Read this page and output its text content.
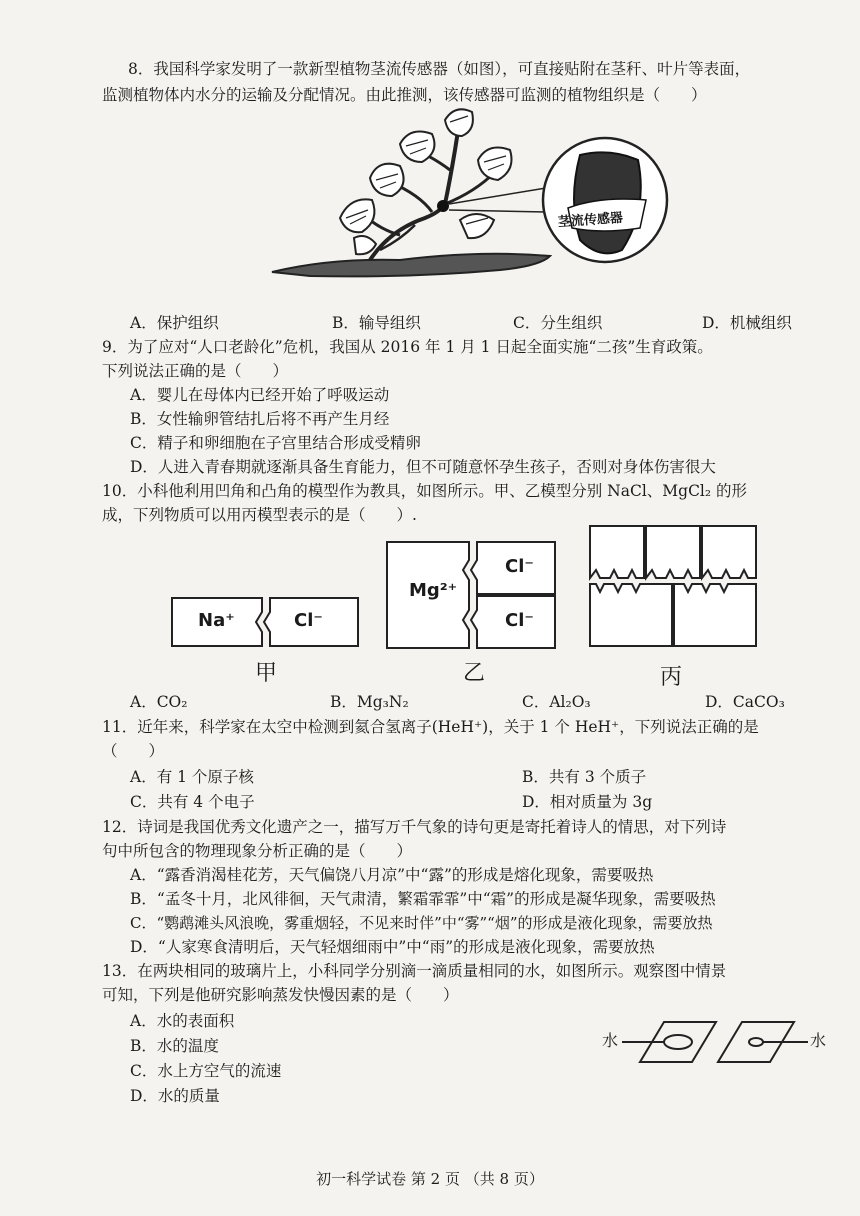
8．我国科学家发明了一款新型植物茎流传感器（如图），可直接贴附在茎秆、叶片等表面，
监测植物体内水分的运输及分配情况。由此推测，该传感器可监测的植物组织是（　　）
茎流传感器
A．保护组织	B．输导组织	C．分生组织	D．机械组织
9．为了应对“人口老龄化”危机，我国从 2016 年 1 月 1 日起全面实施“二孩”生育政策。
下列说法正确的是（　　）
A．婴儿在母体内已经开始了呼吸运动
B．女性输卵管结扎后将不再产生月经
C．精子和卵细胞在子宫里结合形成受精卵
D．人进入青春期就逐渐具备生育能力，但不可随意怀孕生孩子，否则对身体伤害很大
10．小科他利用凹角和凸角的模型作为教具，如图所示。甲、乙模型分别 NaCl、MgCl₂ 的形
成，下列物质可以用丙模型表示的是（　　）.
Na⁺	Cl⁻
甲
Mg²⁺
Cl⁻
Cl⁻
乙	丙
A．CO₂	B．Mg₃N₂	C．Al₂O₃	D．CaCO₃
11．近年来，科学家在太空中检测到氦合氢离子(HeH⁺)，关于 1 个 HeH⁺，下列说法正确的是
（　　）
A．有 1 个原子核	B．共有 3 个质子
C．共有 4 个电子	D．相对质量为 3g
12．诗词是我国优秀文化遗产之一，描写万千气象的诗句更是寄托着诗人的情思，对下列诗
句中所包含的物理现象分析正确的是（　　）
A．“露香消渴桂花芳，天气偏饶八月凉”中“露”的形成是熔化现象，需要吸热
B．“孟冬十月，北风徘徊，天气肃清，繁霜霏霏”中“霜”的形成是凝华现象，需要吸热
C．“鹦鹉滩头风浪晚，雾重烟轻，不见来时伴”中“雾”“烟”的形成是液化现象，需要放热
D．“人家寒食清明后，天气轻烟细雨中”中“雨”的形成是液化现象，需要放热
13．在两块相同的玻璃片上，小科同学分别滴一滴质量相同的水，如图所示。观察图中情景
可知，下列是他研究影响蒸发快慢因素的是（　　）
A．水的表面积
B．水的温度
C．水上方空气的流速
D．水的质量
水	水
初一科学试卷 第 2 页 （共 8 页）
